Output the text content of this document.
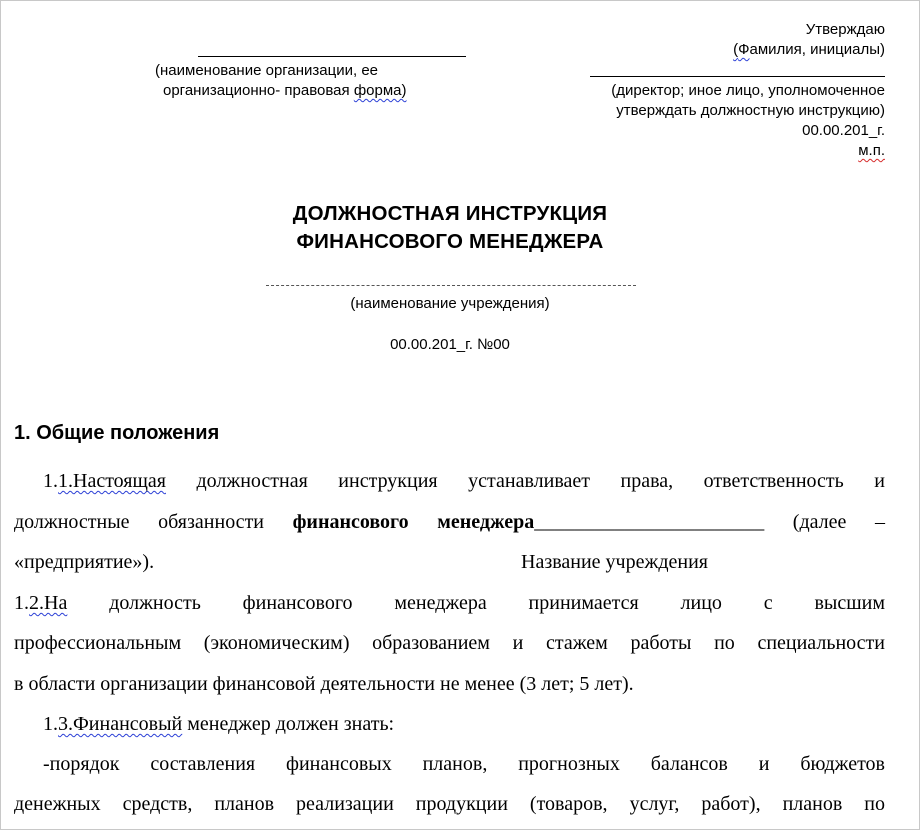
(наименование организации, ее
организационно- правовая форма)
Утверждаю
(Фамилия, инициалы)
(директор; иное лицо, уполномоченное
утверждать должностную инструкцию)
00.00.201_г.
м.п.
ДОЛЖНОСТНАЯ ИНСТРУКЦИЯ
ФИНАНСОВОГО МЕНЕДЖЕРА
(наименование учреждения)
00.00.201_г. №00
1. Общие положения
1.1.Настоящая должностная инструкция устанавливает права, ответственность и
должностные обязанности финансового менеджера_______________________ (далее –
«предприятие»).	Название учреждения
1.2.На должность финансового менеджера принимается лицо с высшим
профессиональным (экономическим) образованием и стажем работы по специальности
в области организации финансовой деятельности не менее (3 лет; 5 лет).
1.3.Финансовый менеджер должен знать:
-порядок составления финансовых планов, прогнозных балансов и бюджетов
денежных средств, планов реализации продукции (товаров, услуг, работ), планов по
